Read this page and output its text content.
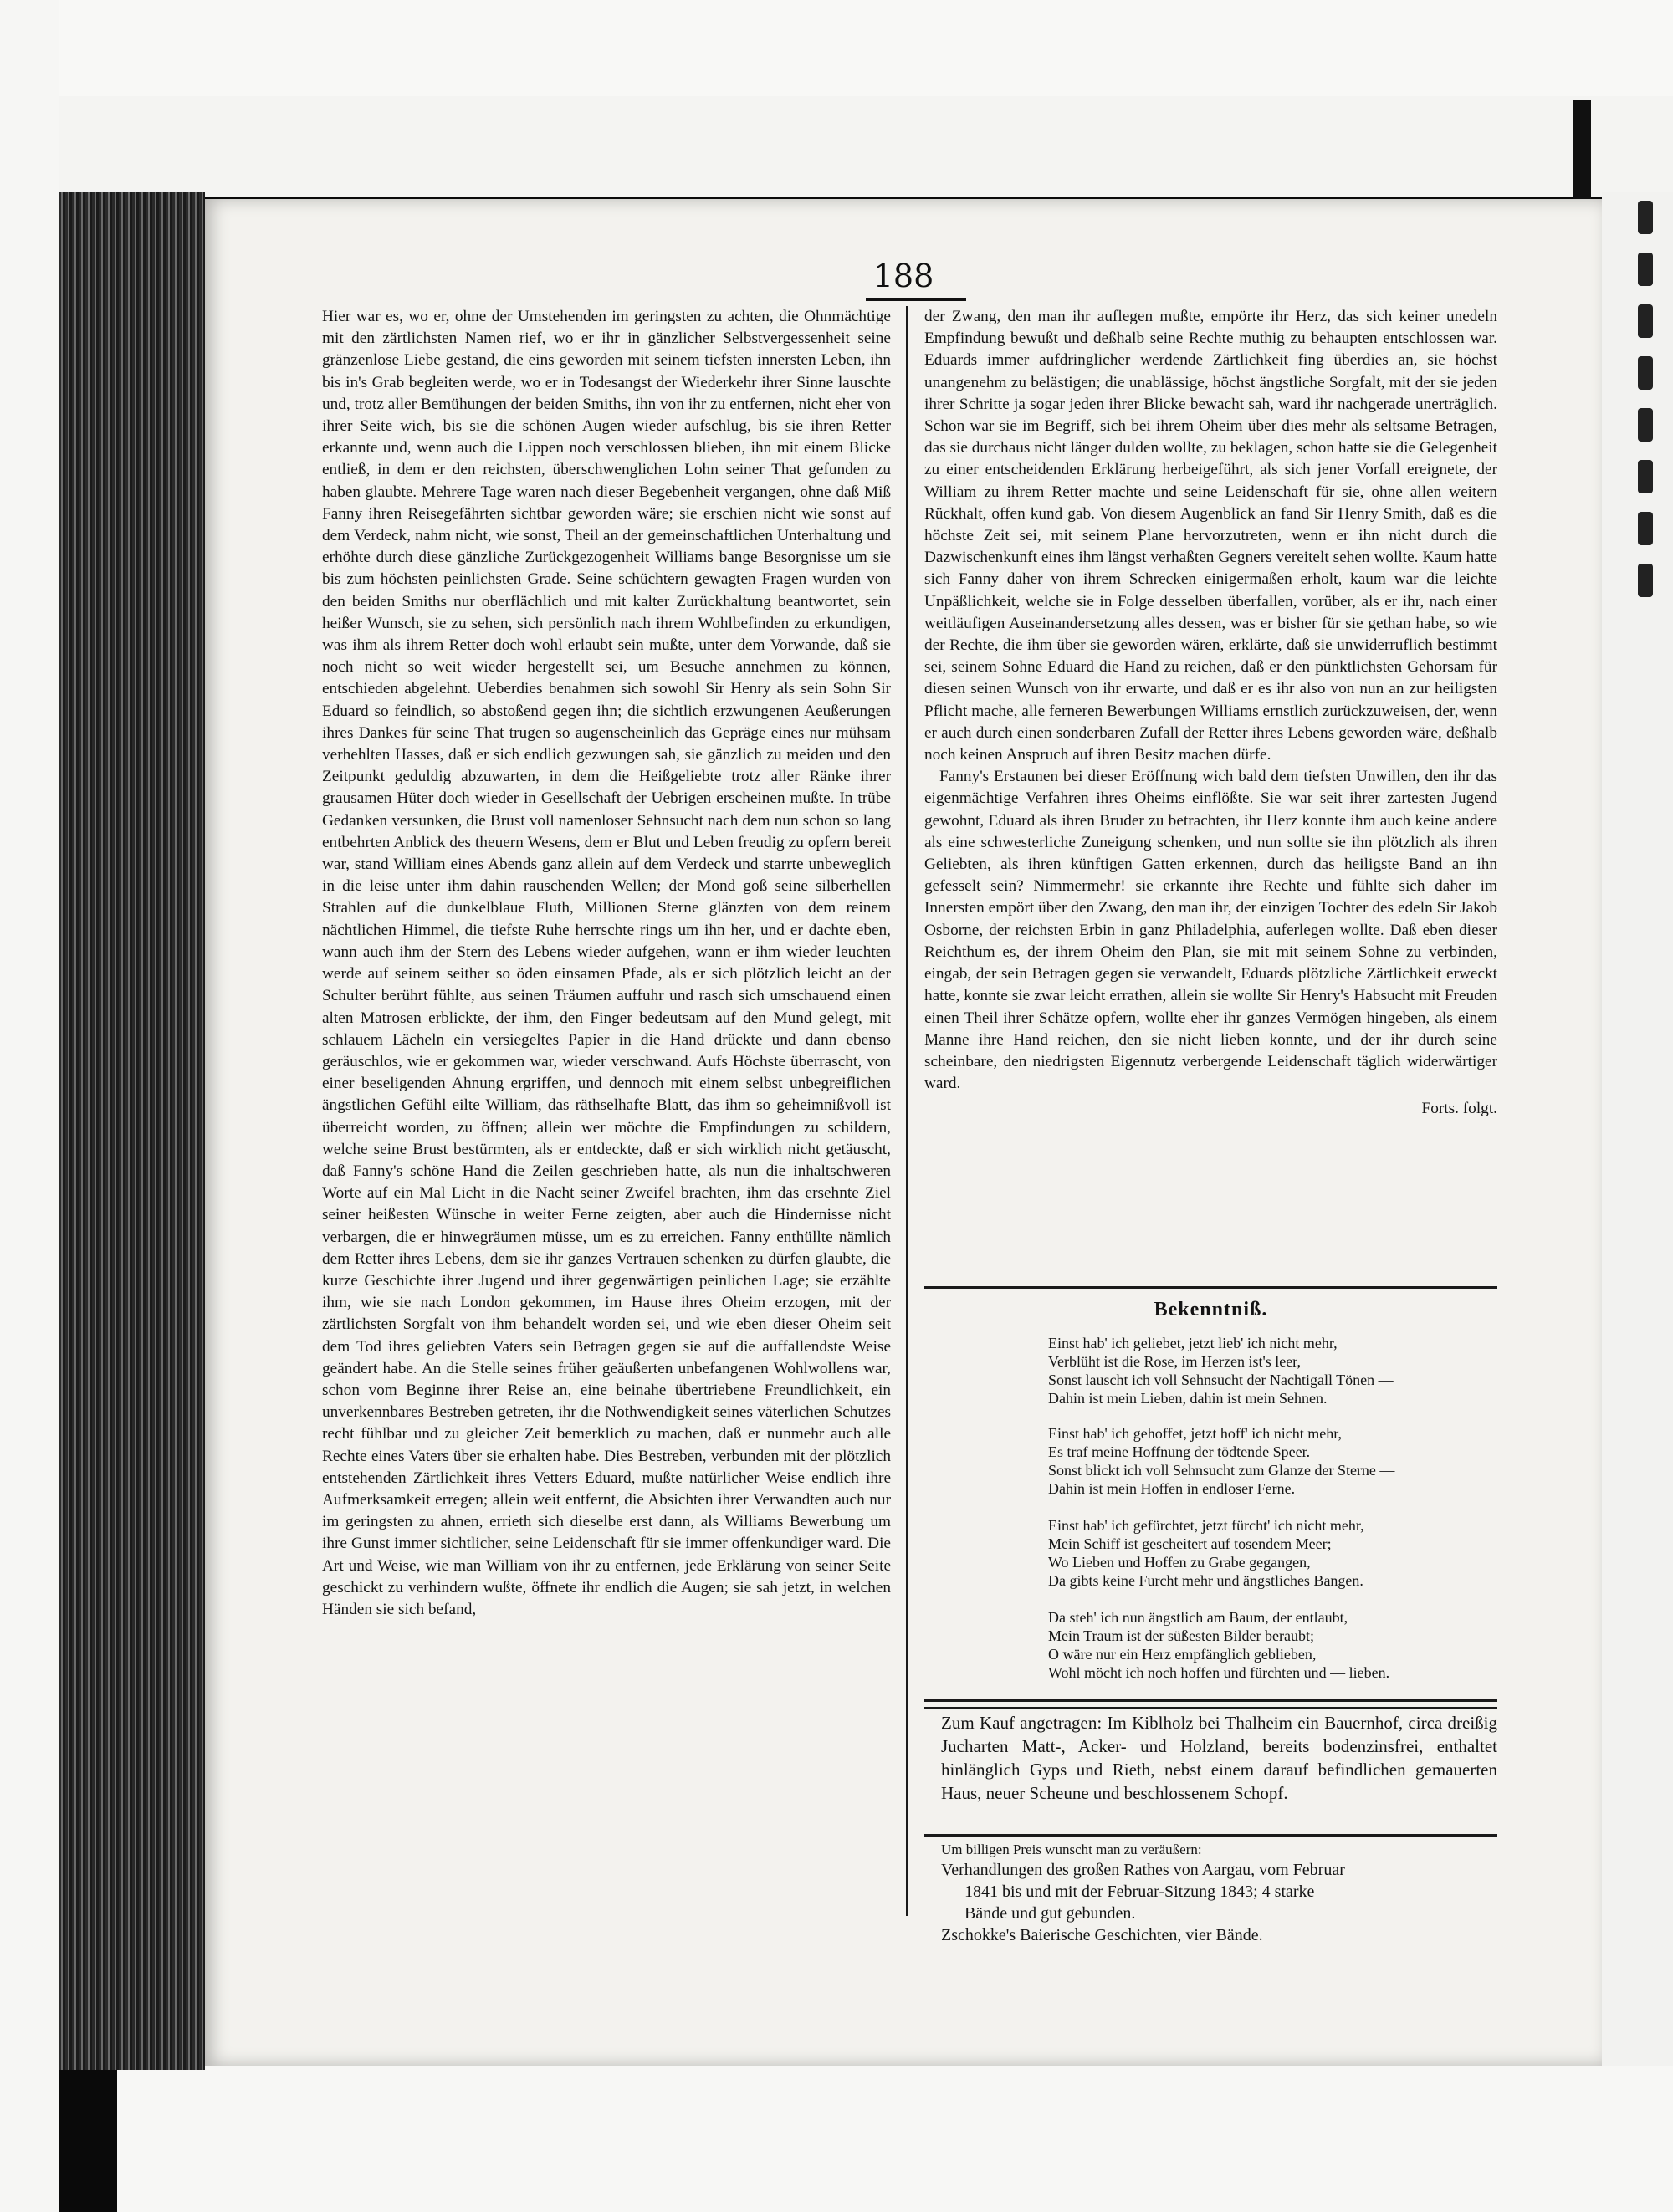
188

Hier war es, wo er, ohne der Umstehenden im geringsten zu achten, die Ohnmächtige mit den zärtlichsten Namen rief, wo er ihr in gänzlicher Selbstvergessenheit seine gränzenlose Liebe gestand, die eins geworden mit seinem tiefsten innersten Leben, ihn bis in's Grab begleiten werde, wo er in Todesangst der Wiederkehr ihrer Sinne lauschte und, trotz aller Bemühungen der beiden Smiths, ihn von ihr zu entfernen, nicht eher von ihrer Seite wich, bis sie die schönen Augen wieder aufschlug, bis sie ihren Retter erkannte und, wenn auch die Lippen noch verschlossen blieben, ihn mit einem Blicke entließ, in dem er den reichsten, überschwenglichen Lohn seiner That gefunden zu haben glaubte. Mehrere Tage waren nach dieser Begebenheit vergangen, ohne daß Miß Fanny ihren Reisegefährten sichtbar geworden wäre; sie erschien nicht wie sonst auf dem Verdeck, nahm nicht, wie sonst, Theil an der gemeinschaftlichen Unterhaltung und erhöhte durch diese gänzliche Zurückgezogenheit Williams bange Besorgnisse um sie bis zum höchsten peinlichsten Grade. Seine schüchtern gewagten Fragen wurden von den beiden Smiths nur oberflächlich und mit kalter Zurückhaltung beantwortet, sein heißer Wunsch, sie zu sehen, sich persönlich nach ihrem Wohlbefinden zu erkundigen, was ihm als ihrem Retter doch wohl erlaubt sein mußte, unter dem Vorwande, daß sie noch nicht so weit wieder hergestellt sei, um Besuche annehmen zu können, entschieden abgelehnt. Ueberdies benahmen sich sowohl Sir Henry als sein Sohn Sir Eduard so feindlich, so abstoßend gegen ihn; die sichtlich erzwungenen Aeußerungen ihres Dankes für seine That trugen so augenscheinlich das Gepräge eines nur mühsam verhehlten Hasses, daß er sich endlich gezwungen sah, sie gänzlich zu meiden und den Zeitpunkt geduldig abzuwarten, in dem die Heißgeliebte trotz aller Ränke ihrer grausamen Hüter doch wieder in Gesellschaft der Uebrigen erscheinen mußte. In trübe Gedanken versunken, die Brust voll namenloser Sehnsucht nach dem nun schon so lang entbehrten Anblick des theuern Wesens, dem er Blut und Leben freudig zu opfern bereit war, stand William eines Abends ganz allein auf dem Verdeck und starrte unbeweglich in die leise unter ihm dahin rauschenden Wellen; der Mond goß seine silberhellen Strahlen auf die dunkelblaue Fluth, Millionen Sterne glänzten von dem reinem nächtlichen Himmel, die tiefste Ruhe herrschte rings um ihn her, und er dachte eben, wann auch ihm der Stern des Lebens wieder aufgehen, wann er ihm wieder leuchten werde auf seinem seither so öden einsamen Pfade, als er sich plötzlich leicht an der Schulter berührt fühlte, aus seinen Träumen auffuhr und rasch sich umschauend einen alten Matrosen erblickte, der ihm, den Finger bedeutsam auf den Mund gelegt, mit schlauem Lächeln ein versiegeltes Papier in die Hand drückte und dann ebenso geräuschlos, wie er gekommen war, wieder verschwand. Aufs Höchste überrascht, von einer beseligenden Ahnung ergriffen, und dennoch mit einem selbst unbegreiflichen ängstlichen Gefühl eilte William, das räthselhafte Blatt, das ihm so geheimnißvoll ist überreicht worden, zu öffnen; allein wer möchte die Empfindungen zu schildern, welche seine Brust bestürmten, als er entdeckte, daß er sich wirklich nicht getäuscht, daß Fanny's schöne Hand die Zeilen geschrieben hatte, als nun die inhaltschweren Worte auf ein Mal Licht in die Nacht seiner Zweifel brachten, ihm das ersehnte Ziel seiner heißesten Wünsche in weiter Ferne zeigten, aber auch die Hindernisse nicht verbargen, die er hinwegräumen müsse, um es zu erreichen. Fanny enthüllte nämlich dem Retter ihres Lebens, dem sie ihr ganzes Vertrauen schenken zu dürfen glaubte, die kurze Geschichte ihrer Jugend und ihrer gegenwärtigen peinlichen Lage; sie erzählte ihm, wie sie nach London gekommen, im Hause ihres Oheim erzogen, mit der zärtlichsten Sorgfalt von ihm behandelt worden sei, und wie eben dieser Oheim seit dem Tod ihres geliebten Vaters sein Betragen gegen sie auf die auffallendste Weise geändert habe. An die Stelle seines früher geäußerten unbefangenen Wohlwollens war, schon vom Beginne ihrer Reise an, eine beinahe übertriebene Freundlichkeit, ein unverkennbares Bestreben getreten, ihr die Nothwendigkeit seines väterlichen Schutzes recht fühlbar und zu gleicher Zeit bemerklich zu machen, daß er nunmehr auch alle Rechte eines Vaters über sie erhalten habe. Dies Bestreben, verbunden mit der plötzlich entstehenden Zärtlichkeit ihres Vetters Eduard, mußte natürlicher Weise endlich ihre Aufmerksamkeit erregen; allein weit entfernt, die Absichten ihrer Verwandten auch nur im geringsten zu ahnen, errieth sich dieselbe erst dann, als Williams Bewerbung um ihre Gunst immer sichtlicher, seine Leidenschaft für sie immer offenkundiger ward. Die Art und Weise, wie man William von ihr zu entfernen, jede Erklärung von seiner Seite geschickt zu verhindern wußte, öffnete ihr endlich die Augen; sie sah jetzt, in welchen Händen sie sich befand,

der Zwang, den man ihr auflegen mußte, empörte ihr Herz, das sich keiner unedeln Empfindung bewußt und deßhalb seine Rechte muthig zu behaupten entschlossen war. Eduards immer aufdringlicher werdende Zärtlichkeit fing überdies an, sie höchst unangenehm zu belästigen; die unablässige, höchst ängstliche Sorgfalt, mit der sie jeden ihrer Schritte ja sogar jeden ihrer Blicke bewacht sah, ward ihr nachgerade unerträglich. Schon war sie im Begriff, sich bei ihrem Oheim über dies mehr als seltsame Betragen, das sie durchaus nicht länger dulden wollte, zu beklagen, schon hatte sie die Gelegenheit zu einer entscheidenden Erklärung herbeigeführt, als sich jener Vorfall ereignete, der William zu ihrem Retter machte und seine Leidenschaft für sie, ohne allen weitern Rückhalt, offen kund gab. Von diesem Augenblick an fand Sir Henry Smith, daß es die höchste Zeit sei, mit seinem Plane hervorzutreten, wenn er ihn nicht durch die Dazwischenkunft eines ihm längst verhaßten Gegners vereitelt sehen wollte. Kaum hatte sich Fanny daher von ihrem Schrecken einigermaßen erholt, kaum war die leichte Unpäßlichkeit, welche sie in Folge desselben überfallen, vorüber, als er ihr, nach einer weitläufigen Auseinandersetzung alles dessen, was er bisher für sie gethan habe, so wie der Rechte, die ihm über sie geworden wären, erklärte, daß sie unwiderruflich bestimmt sei, seinem Sohne Eduard die Hand zu reichen, daß er den pünktlichsten Gehorsam für diesen seinen Wunsch von ihr erwarte, und daß er es ihr also von nun an zur heiligsten Pflicht mache, alle ferneren Bewerbungen Williams ernstlich zurückzuweisen, der, wenn er auch durch einen sonderbaren Zufall der Retter ihres Lebens geworden wäre, deßhalb noch keinen Anspruch auf ihren Besitz machen dürfe.

Fanny's Erstaunen bei dieser Eröffnung wich bald dem tiefsten Unwillen, den ihr das eigenmächtige Verfahren ihres Oheims einflößte. Sie war seit ihrer zartesten Jugend gewohnt, Eduard als ihren Bruder zu betrachten, ihr Herz konnte ihm auch keine andere als eine schwesterliche Zuneigung schenken, und nun sollte sie ihn plötzlich als ihren Geliebten, als ihren künftigen Gatten erkennen, durch das heiligste Band an ihn gefesselt sein? Nimmermehr! sie erkannte ihre Rechte und fühlte sich daher im Innersten empört über den Zwang, den man ihr, der einzigen Tochter des edeln Sir Jakob Osborne, der reichsten Erbin in ganz Philadelphia, auferlegen wollte. Daß eben dieser Reichthum es, der ihrem Oheim den Plan, sie mit mit seinem Sohne zu verbinden, eingab, der sein Betragen gegen sie verwandelt, Eduards plötzliche Zärtlichkeit erweckt hatte, konnte sie zwar leicht errathen, allein sie wollte Sir Henry's Habsucht mit Freuden einen Theil ihrer Schätze opfern, wollte eher ihr ganzes Vermögen hingeben, als einem Manne ihre Hand reichen, den sie nicht lieben konnte, und der ihr durch seine scheinbare, den niedrigsten Eigennutz verbergende Leidenschaft täglich widerwärtiger ward.

Forts. folgt.

Bekenntniß.
Einst hab' ich geliebet, jetzt lieb' ich nicht mehr,
Verblüht ist die Rose, im Herzen ist's leer,
Sonst lauscht ich voll Sehnsucht der Nachtigall Tönen —
Dahin ist mein Lieben, dahin ist mein Sehnen.
Einst hab' ich gehoffet, jetzt hoff' ich nicht mehr,
Es traf meine Hoffnung der tödtende Speer.
Sonst blickt ich voll Sehnsucht zum Glanze der Sterne —
Dahin ist mein Hoffen in endloser Ferne.
Einst hab' ich gefürchtet, jetzt fürcht' ich nicht mehr,
Mein Schiff ist gescheitert auf tosendem Meer;
Wo Lieben und Hoffen zu Grabe gegangen,
Da gibts keine Furcht mehr und ängstliches Bangen.
Da steh' ich nun ängstlich am Baum, der entlaubt,
Mein Traum ist der süßesten Bilder beraubt;
O wäre nur ein Herz empfänglich geblieben,
Wohl möcht ich noch hoffen und fürchten und — lieben.
Zum Kauf angetragen: Im Kiblholz bei Thalheim ein Bauernhof, circa dreißig Jucharten Matt-, Acker- und Holzland, bereits bodenzinsfrei, enthaltet hinlänglich Gyps und Rieth, nebst einem darauf befindlichen gemauerten Haus, neuer Scheune und beschlossenem Schopf.
Um billigen Preis wunscht man zu veräußern:
Verhandlungen des großen Rathes von Aargau, vom Februar
1841 bis und mit der Februar-Sitzung 1843; 4 starke
Bände und gut gebunden.
Zschokke's Baierische Geschichten, vier Bände.
